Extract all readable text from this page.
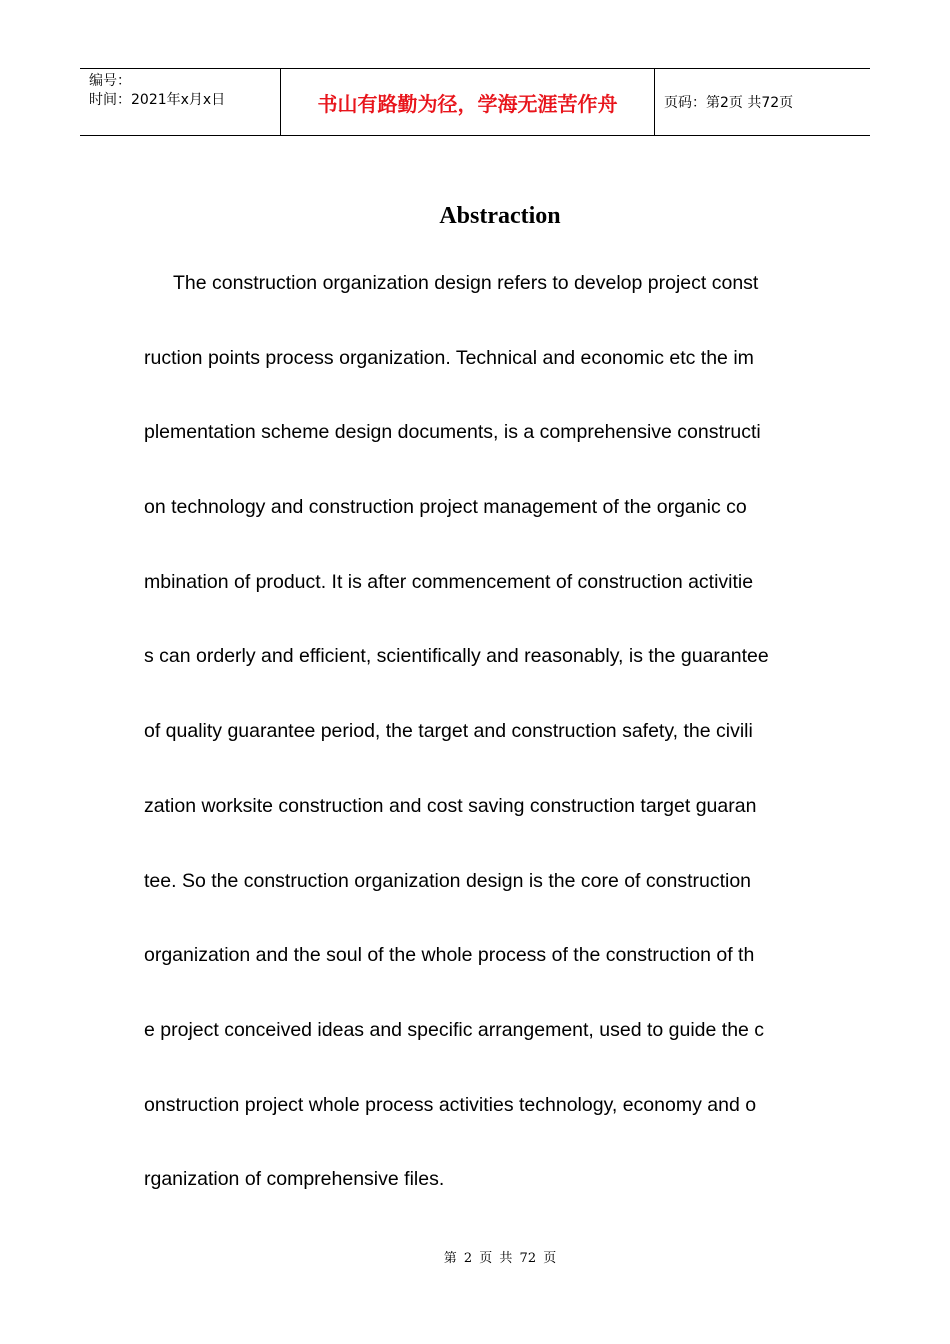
编号：
时间：2021年x月x日	书山有路勤为径，学海无涯苦作舟	页码：第2页 共72页
Abstraction
The construction organization design refers to develop project const
ruction points process organization. Technical and economic etc the im
plementation scheme design documents, is a comprehensive constructi
on technology and construction project management of the organic co
mbination of product. It is after commencement of construction activitie
s can orderly and efficient, scientifically and reasonably, is the guarantee
of quality guarantee period, the target and construction safety, the civili
zation worksite construction and cost saving construction target guaran
tee. So the construction organization design is the core of construction
organization and the soul of the whole process of the construction of th
e project conceived ideas and specific arrangement, used to guide the c
onstruction project whole process activities technology, economy and o
rganization of comprehensive files.
第 2 页 共 72 页
